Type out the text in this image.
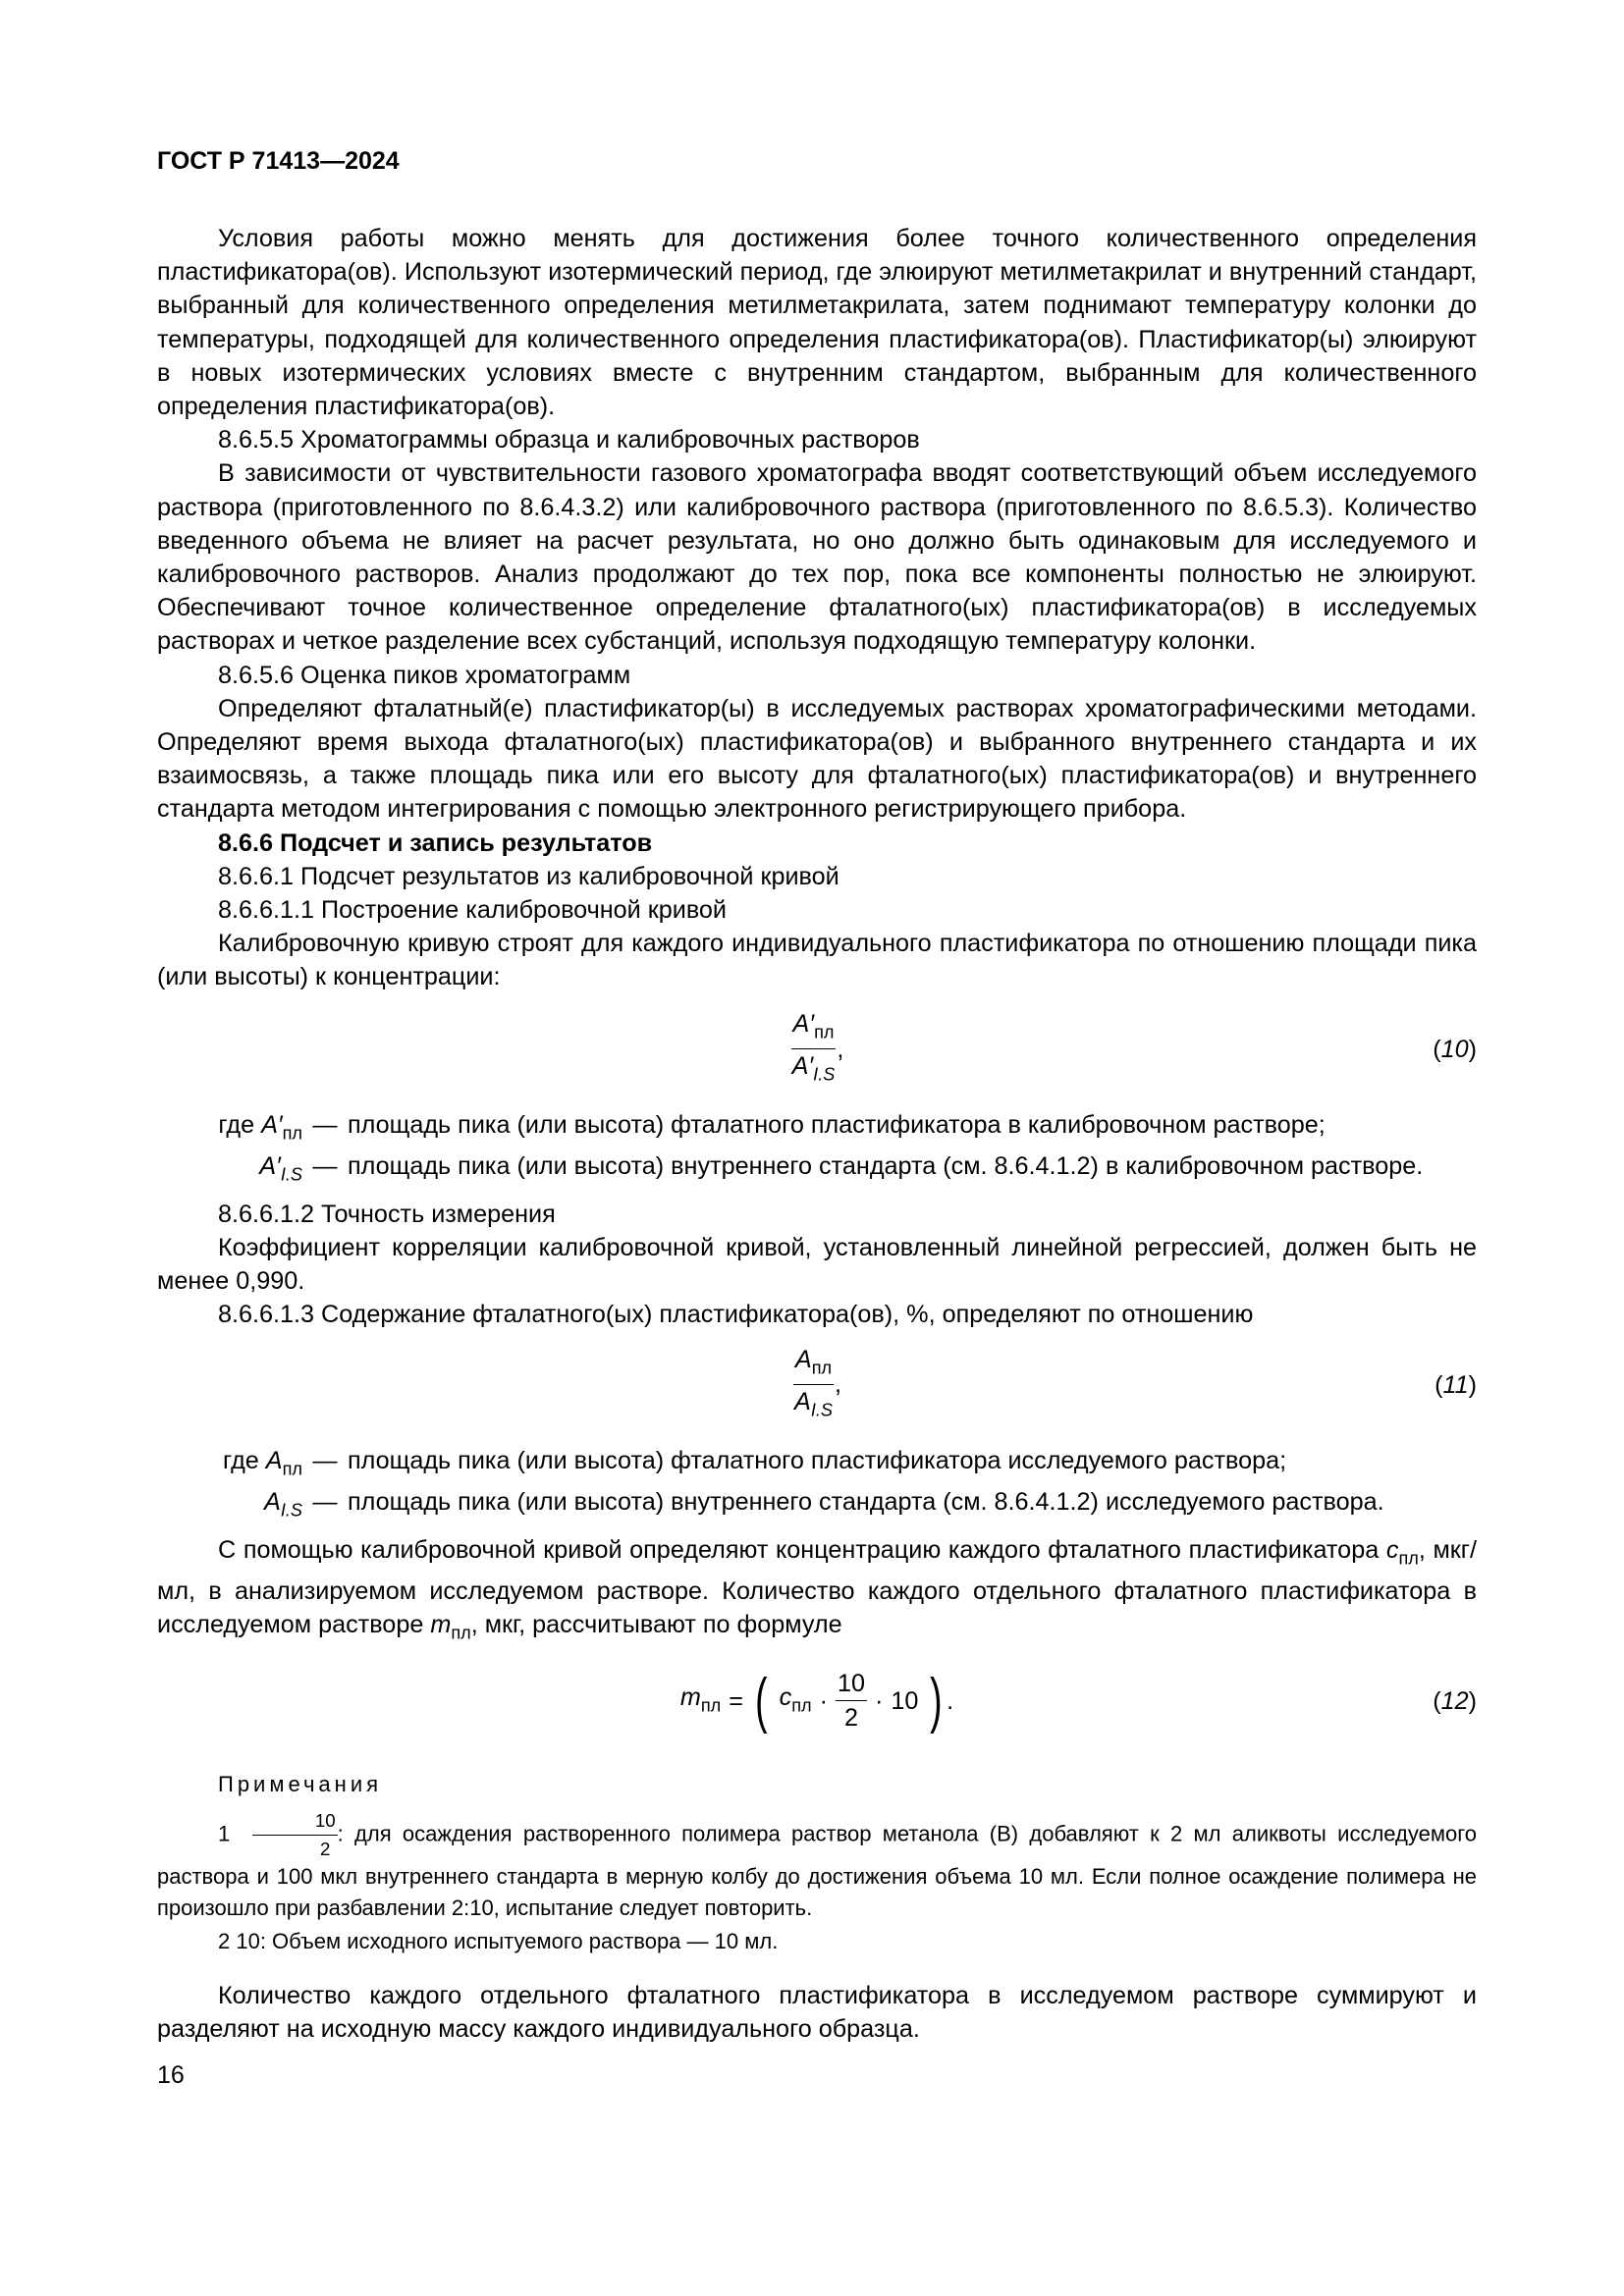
ГОСТ Р 71413—2024

Условия работы можно менять для достижения более точного количественного определения пластификатора(ов). Используют изотермический период, где элюируют метилметакрилат и внутренний стандарт, выбранный для количественного определения метилметакрилата, затем поднимают температуру колонки до температуры, подходящей для количественного определения пластификатора(ов). Пластификатор(ы) элюируют в новых изотермических условиях вместе с внутренним стандартом, выбранным для количественного определения пластификатора(ов).

8.6.5.5 Хроматограммы образца и калибровочных растворов

В зависимости от чувствительности газового хроматографа вводят соответствующий объем исследуемого раствора (приготовленного по 8.6.4.3.2) или калибровочного раствора (приготовленного по 8.6.5.3). Количество введенного объема не влияет на расчет результата, но оно должно быть одинаковым для исследуемого и калибровочного растворов. Анализ продолжают до тех пор, пока все компоненты полностью не элюируют. Обеспечивают точное количественное определение фталатного(ых) пластификатора(ов) в исследуемых растворах и четкое разделение всех субстанций, используя подходящую температуру колонки.

8.6.5.6 Оценка пиков хроматограмм

Определяют фталатный(е) пластификатор(ы) в исследуемых растворах хроматографическими методами. Определяют время выхода фталатного(ых) пластификатора(ов) и выбранного внутреннего стандарта и их взаимосвязь, а также площадь пика или его высоту для фталатного(ых) пластификатора(ов) и внутреннего стандарта методом интегрирования с помощью электронного регистрирующего прибора.

8.6.6 Подсчет и запись результатов

8.6.6.1 Подсчет результатов из калибровочной кривой

8.6.6.1.1 Построение калибровочной кривой

Калибровочную кривую строят для каждого индивидуального пластификатора по отношению площади пика (или высоты) к концентрации:

$\frac{A'_{пл}}{A'_{I.S}}$ ,	(10)
где $A'_{пл}$ — площадь пика (или высота) фталатного пластификатора в калибровочном растворе;
$A'_{I.S}$ — площадь пика (или высота) внутреннего стандарта (см. 8.6.4.1.2) в калибровочном растворе.

8.6.6.1.2 Точность измерения

Коэффициент корреляции калибровочной кривой, установленный линейной регрессией, должен быть не менее 0,990.

8.6.6.1.3 Содержание фталатного(ых) пластификатора(ов), %, определяют по отношению

$\frac{A_{пл}}{A_{I.S}}$ ,	(11)
где $A_{пл}$ — площадь пика (или высота) фталатного пластификатора исследуемого раствора;
$A_{I.S}$ — площадь пика (или высота) внутреннего стандарта (см. 8.6.4.1.2) исследуемого раствора.

С помощью калибровочной кривой определяют концентрацию каждого фталатного пластификатора $c_{пл}$, мкг/мл, в анализируемом исследуемом растворе. Количество каждого отдельного фталатного пластификатора в исследуемом растворе $m_{пл}$, мкг, рассчитывают по формуле

$m_{пл}$ = ( $c_{пл} \cdot \frac{10}{2} \cdot 10$ ) .	(12)
Примечания
$1 \frac{10}{2}$ : для осаждения растворенного полимера раствор метанола (B) добавляют к 2 мл аликвоты исследуемого раствора и 100 мкл внутреннего стандарта в мерную колбу до достижения объема 10 мл. Если полное осаждение полимера не произошло при разбавлении 2:10, испытание следует повторить.
2 10: Объем исходного испытуемого раствора — 10 мл.

Количество каждого отдельного фталатного пластификатора в исследуемом растворе суммируют и разделяют на исходную массу каждого индивидуального образца.

16
